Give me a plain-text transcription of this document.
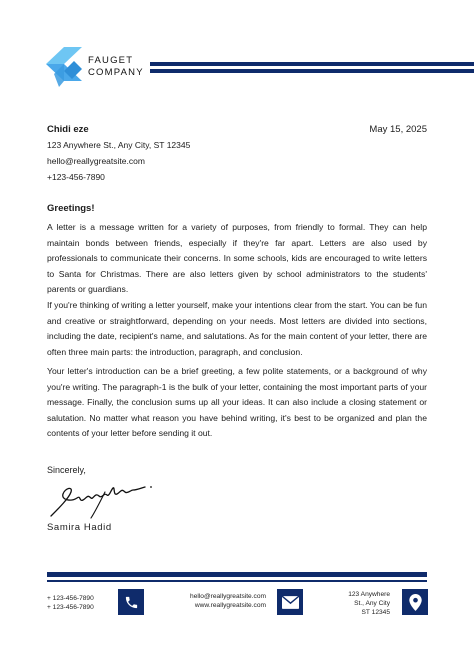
FAUGET
COMPANY
Chidi eze	May 15, 2025
123 Anywhere St., Any City, ST 12345
hello@reallygreatsite.com
+123-456-7890
Greetings!

A letter is a message written for a variety of purposes, from friendly to formal. They can help maintain bonds between friends, especially if they're far apart. Letters are also used by professionals to communicate their concerns. In some schools, kids are encouraged to write letters to Santa for Christmas. There are also letters given by school administrators to the students' parents or guardians.

If you're thinking of writing a letter yourself, make your intentions clear from the start. You can be fun and creative or straightforward, depending on your needs. Most letters are divided into sections, including the date, recipient's name, and salutations. As for the main content of your letter, there are often three main parts: the introduction, paragraph, and conclusion.

Your letter's introduction can be a brief greeting, a few polite statements, or a background of why you're writing. The paragraph-1 is the bulk of your letter, containing the most important parts of your message. Finally, the conclusion sums up all your ideas. It can also include a closing statement or salutation. No matter what reason you have behind writing, it's best to be organized and plan the contents of your letter before sending it out.

Sincerely,
Samira Hadid
+ 123-456-7890
+ 123-456-7890
hello@reallygreatsite.com
www.reallygreatsite.com
123 Anywhere
St., Any City
ST 12345
